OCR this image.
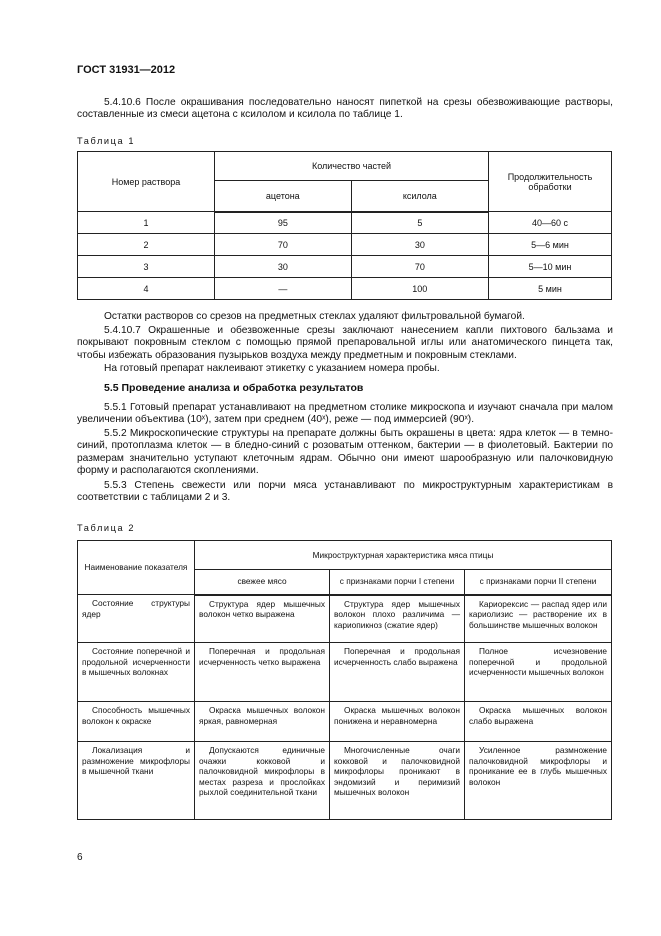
ГОСТ 31931—2012
5.4.10.6 После окрашивания последовательно наносят пипеткой на срезы обезвоживающие растворы, составленные из смеси ацетона с ксилолом и ксилола по таблице 1.
Таблица 1
Номер раствора	Количество частей		Продолжительность обработки
	ацетона	ксилола	
1	95	5	40—60 с
2	70	30	5—6 мин
3	30	70	5—10 мин
4	—	100	5 мин
Остатки растворов со срезов на предметных стеклах удаляют фильтровальной бумагой.
5.4.10.7 Окрашенные и обезвоженные срезы заключают нанесением капли пихтового бальзама и покрывают покровным стеклом с помощью прямой препаровальной иглы или анатомического пинцета так, чтобы избежать образования пузырьков воздуха между предметным и покровным стеклами.
На готовый препарат наклеивают этикетку с указанием номера пробы.
5.5 Проведение анализа и обработка результатов
5.5.1 Готовый препарат устанавливают на предметном столике микроскопа и изучают сначала при малом увеличении объектива (10ˣ), затем при среднем (40ˣ), реже — под иммерсией (90ˣ).
5.5.2 Микроскопические структуры на препарате должны быть окрашены в цвета: ядра клеток — в темно-синий, протоплазма клеток — в бледно-синий с розоватым оттенком, бактерии — в фиолетовый. Бактерии по размерам значительно уступают клеточным ядрам. Обычно они имеют шарообразную или палочковидную форму и располагаются скоплениями.
5.5.3 Степень свежести или порчи мяса устанавливают по микроструктурным характеристикам в соответствии с таблицами 2 и 3.
Таблица 2
Наименование показателя	Микроструктурная характеристика мяса птицы		
	свежее мясо	с признаками порчи I степени	с признаками порчи II степени
Состояние структуры ядер	Структура ядер мышечных волокон четко выражена	Структура ядер мышечных волокон плохо различима — кариопикноз (сжатие ядер)	Кариорексис — распад ядер или кариолизис — растворение их в большинстве мышечных волокон
Состояние поперечной и продольной исчерченности в мышечных волокнах	Поперечная и продольная исчерченность четко выражена	Поперечная и продольная исчерченность слабо выражена	Полное исчезновение поперечной и продольной исчерченности мышечных волокон
Способность мышечных волокон к окраске	Окраска мышечных волокон яркая, равномерная	Окраска мышечных волокон понижена и неравномерна	Окраска мышечных волокон слабо выражена
Локализация и размножение микрофлоры в мышечной ткани	Допускаются единичные очажки кокковой и палочковидной микрофлоры в местах разреза и прослойках рыхлой соединительной ткани	Многочисленные очаги кокковой и палочковидной микрофлоры проникают в эндомизий и перимизий мышечных волокон	Усиленное размножение палочковидной микрофлоры и проникание ее в глубь мышечных волокон
6
